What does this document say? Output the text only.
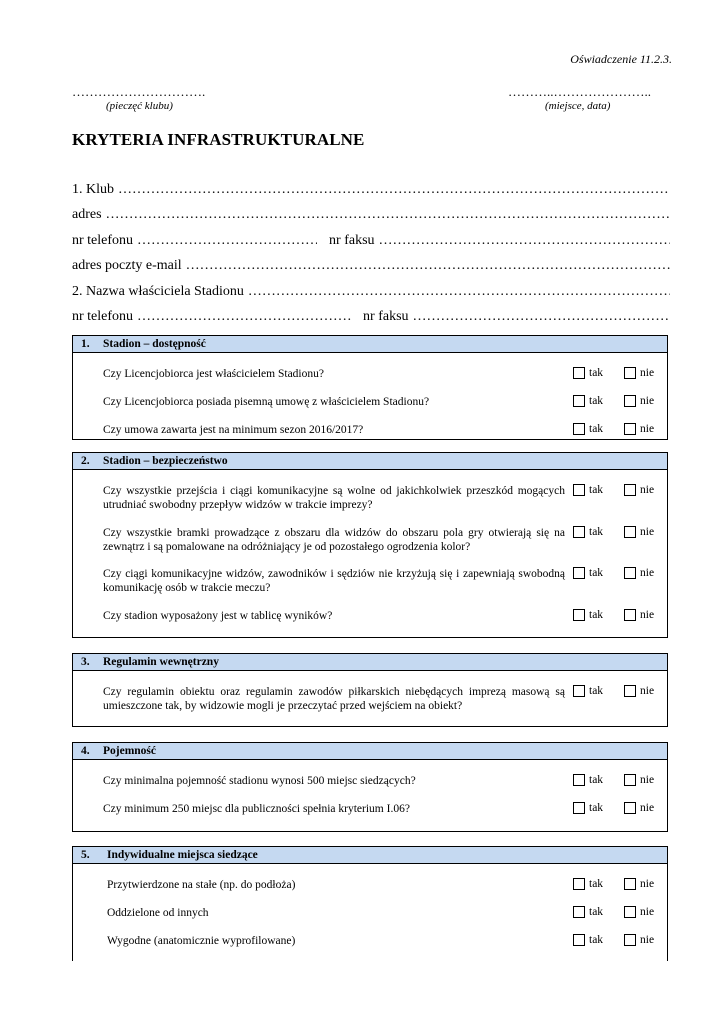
Oświadczenie 11.2.3.
………………………….
(pieczęć klubu)
………..…………………..
(miejsce, data)
KRYTERIA INFRASTRUKTURALNE
1. Klub
…………………………………………………………………………………………………………………………………………………………………………………………………
adres
…………………………………………………………………………………………………………………………………………………………………………………………………
nr telefonu …………………………………………………………………………………………………………………………………………………………………………………………………	nr faksu
…………………………………………………………………………………………………………………………………………………………………………………………………
adres poczty e-mail
…………………………………………………………………………………………………………………………………………………………………………………………………
2. Nazwa właściciela Stadionu
…………………………………………………………………………………………………………………………………………………………………………………………………
nr telefonu …………………………………………………………………………………………………………………………………………………………………………………………………	nr faksu
…………………………………………………………………………………………………………………………………………………………………………………………………
1.	Stadion – dostępność
Czy Licencjobiorca jest właścicielem Stadionu?	tak	nie
Czy Licencjobiorca posiada pisemną umowę z właścicielem Stadionu?	tak	nie
Czy umowa zawarta jest na minimum sezon 2016/2017?	tak	nie
2.	Stadion – bezpieczeństwo
Czy wszystkie przejścia i ciągi komunikacyjne są wolne od jakichkolwiek przeszkód mogących utrudniać swobodny przepływ widzów w trakcie imprezy?
tak	nie
Czy wszystkie bramki prowadzące z obszaru dla widzów do obszaru pola gry otwierają się na zewnątrz i są pomalowane na odróżniający je od pozostałego ogrodzenia kolor?
tak	nie
Czy ciągi komunikacyjne widzów, zawodników i sędziów nie krzyżują się i zapewniają swobodną komunikację osób w trakcie meczu?
tak	nie
Czy stadion wyposażony jest w tablicę wyników?	tak	nie
3.	Regulamin wewnętrzny
Czy regulamin obiektu oraz regulamin zawodów piłkarskich niebędących imprezą masową są umieszczone tak, by widzowie mogli je przeczytać przed wejściem na obiekt?
tak	nie
4.	Pojemność
Czy minimalna pojemność stadionu wynosi 500 miejsc siedzących?	tak	nie
Czy minimum 250 miejsc dla publiczności spełnia kryterium I.06?	tak	nie
5.	Indywidualne miejsca siedzące
Przytwierdzone na stałe (np. do podłoża)	tak	nie
Oddzielone od innych	tak	nie
Wygodne (anatomicznie wyprofilowane)	tak	nie
